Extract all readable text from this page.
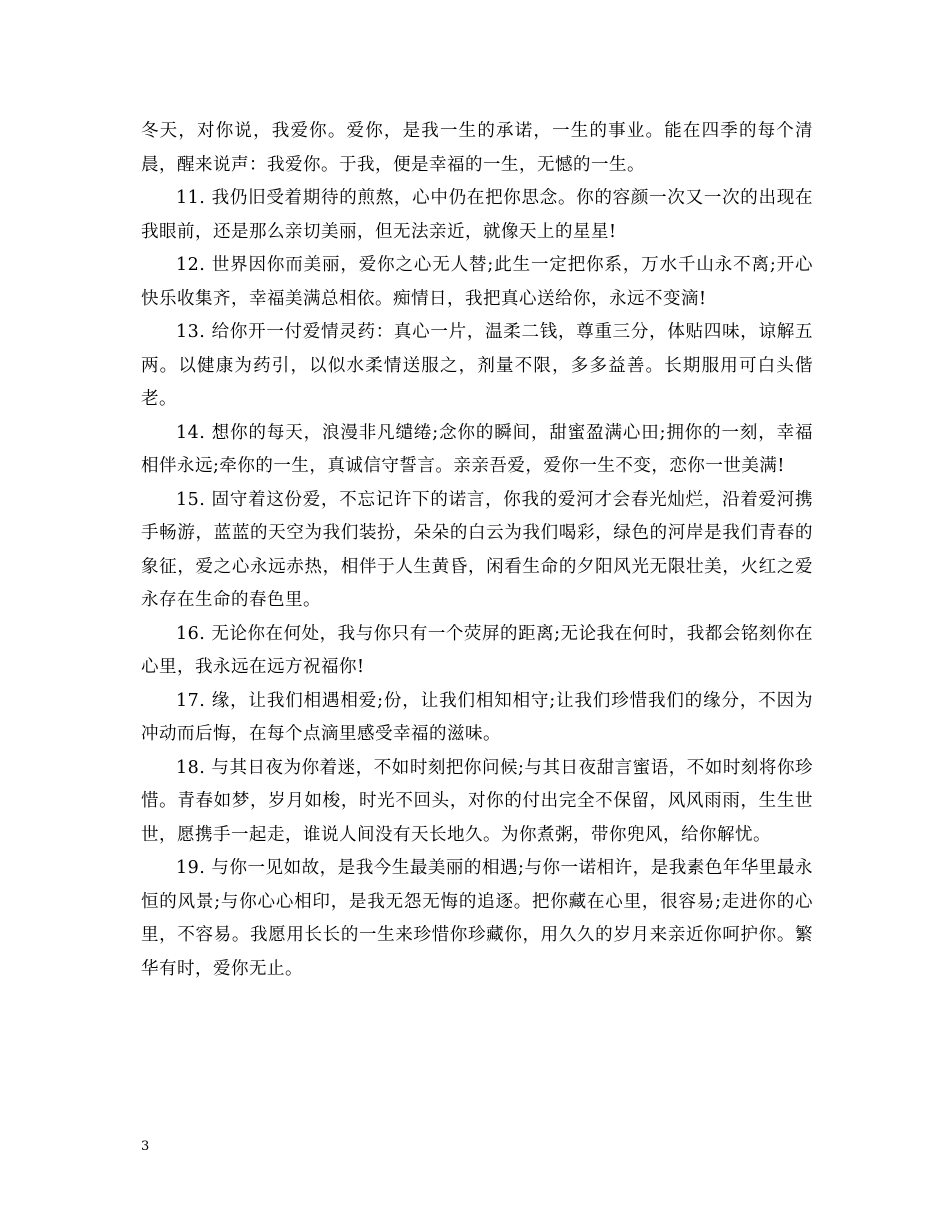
冬天，对你说，我爱你。爱你，是我一生的承诺，一生的事业。能在四季的每个清晨，醒来说声：我爱你。于我，便是幸福的一生，无憾的一生。

11. 我仍旧受着期待的煎熬，心中仍在把你思念。你的容颜一次又一次的出现在我眼前，还是那么亲切美丽，但无法亲近，就像天上的星星!

12. 世界因你而美丽，爱你之心无人替;此生一定把你系，万水千山永不离;开心快乐收集齐，幸福美满总相依。痴情日，我把真心送给你，永远不变滴!

13. 给你开一付爱情灵药：真心一片，温柔二钱，尊重三分，体贴四味，谅解五两。以健康为药引，以似水柔情送服之，剂量不限，多多益善。长期服用可白头偕老。

14. 想你的每天，浪漫非凡缱绻;念你的瞬间，甜蜜盈满心田;拥你的一刻，幸福相伴永远;牵你的一生，真诚信守誓言。亲亲吾爱，爱你一生不变，恋你一世美满!

15. 固守着这份爱，不忘记许下的诺言，你我的爱河才会春光灿烂，沿着爱河携手畅游，蓝蓝的天空为我们装扮，朵朵的白云为我们喝彩，绿色的河岸是我们青春的象征，爱之心永远赤热，相伴于人生黄昏，闲看生命的夕阳风光无限壮美，火红之爱永存在生命的春色里。

16. 无论你在何处，我与你只有一个荧屏的距离;无论我在何时，我都会铭刻你在心里，我永远在远方祝福你!

17. 缘，让我们相遇相爱;份，让我们相知相守;让我们珍惜我们的缘分，不因为冲动而后悔，在每个点滴里感受幸福的滋味。

18. 与其日夜为你着迷，不如时刻把你问候;与其日夜甜言蜜语，不如时刻将你珍惜。青春如梦，岁月如梭，时光不回头，对你的付出完全不保留，风风雨雨，生生世世，愿携手一起走，谁说人间没有天长地久。为你煮粥，带你兜风，给你解忧。

19. 与你一见如故，是我今生最美丽的相遇;与你一诺相许，是我素色年华里最永恒的风景;与你心心相印，是我无怨无悔的追逐。把你藏在心里，很容易;走进你的心里，不容易。我愿用长长的一生来珍惜你珍藏你，用久久的岁月来亲近你呵护你。繁华有时，爱你无止。

3
